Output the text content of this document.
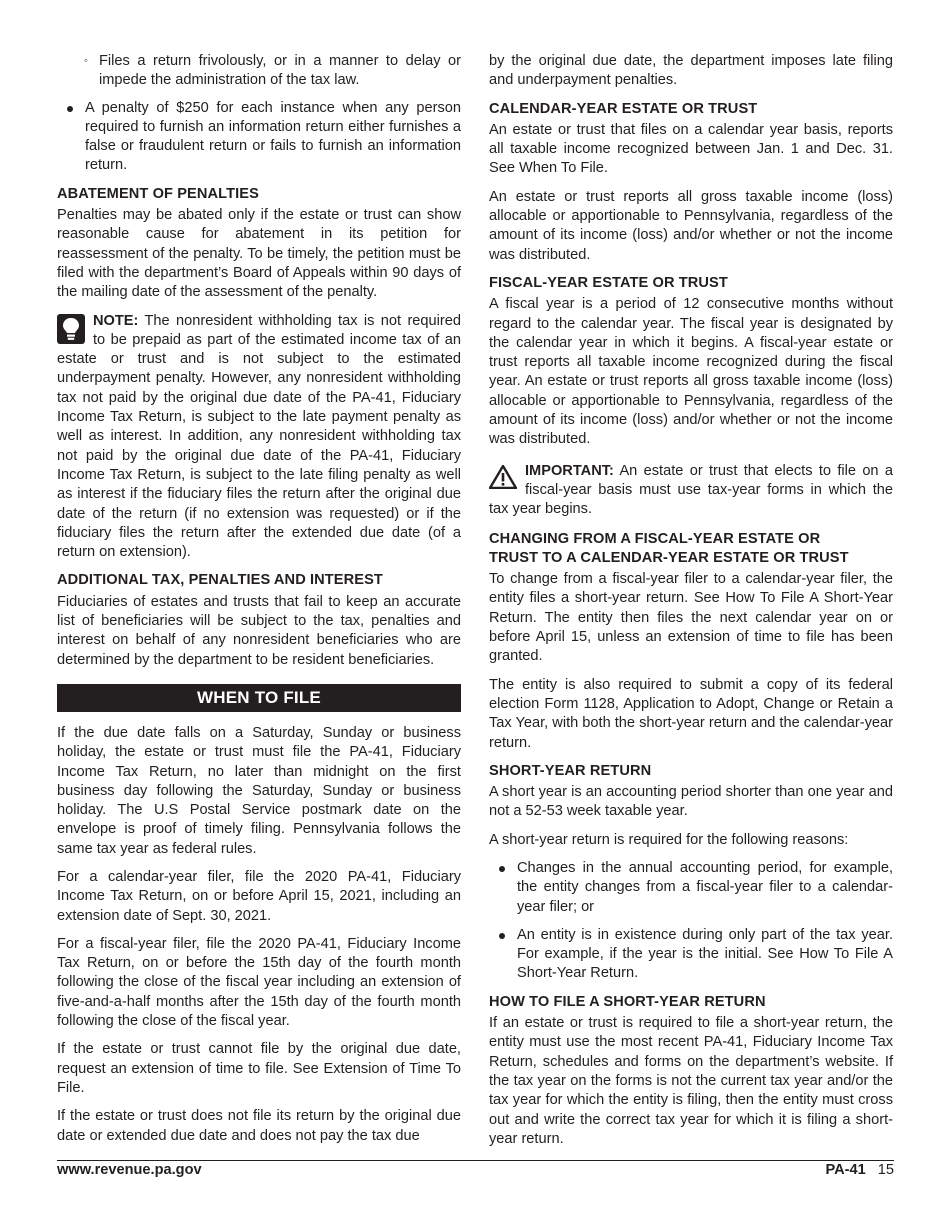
◦ Files a return frivolously, or in a manner to delay or impede the administration of the tax law.
A penalty of $250 for each instance when any person required to furnish an information return either furnishes a false or fraudulent return or fails to furnish an information return.
ABATEMENT OF PENALTIES

Penalties may be abated only if the estate or trust can show reasonable cause for abatement in its petition for reassessment of the penalty. To be timely, the petition must be filed with the department’s Board of Appeals within 90 days of the mailing date of the assessment of the penalty.

NOTE: The nonresident withholding tax is not required to be prepaid as part of the estimated income tax of an estate or trust and is not subject to the estimated underpayment penalty. However, any nonresident withholding tax not paid by the original due date of the PA-41, Fiduciary Income Tax Return, is subject to the late payment penalty as well as interest. In addition, any nonresident withholding tax not paid by the original due date of the PA-41, Fiduciary Income Tax Return, is subject to the late filing penalty as well as interest if the fiduciary files the return after the original due date of the return (if no extension was requested) or if the fiduciary files the return after the extended due date (of a return on extension).
ADDITIONAL TAX, PENALTIES AND INTEREST

Fiduciaries of estates and trusts that fail to keep an accurate list of beneficiaries will be subject to the tax, penalties and interest on behalf of any nonresident beneficiaries who are determined by the department to be resident beneficiaries.

WHEN TO FILE

If the due date falls on a Saturday, Sunday or business holiday, the estate or trust must file the PA-41, Fiduciary Income Tax Return, no later than midnight on the first business day following the Saturday, Sunday or business holiday. The U.S Postal Service postmark date on the envelope is proof of timely filing. Pennsylvania follows the same tax year as federal rules.

For a calendar-year filer, file the 2020 PA-41, Fiduciary Income Tax Return, on or before April 15, 2021, including an extension date of Sept. 30, 2021.

For a fiscal-year filer, file the 2020 PA-41, Fiduciary Income Tax Return, on or before the 15th day of the fourth month following the close of the fiscal year including an extension of five-and-a-half months after the 15th day of the fourth month following the close of the fiscal year.

If the estate or trust cannot file by the original due date, request an extension of time to file. See Extension of Time To File.

If the estate or trust does not file its return by the original due date or extended due date and does not pay the tax due

by the original due date, the department imposes late filing and underpayment penalties.

CALENDAR-YEAR ESTATE OR TRUST

An estate or trust that files on a calendar year basis, reports all taxable income recognized between Jan. 1 and Dec. 31. See When To File.

An estate or trust reports all gross taxable income (loss) allocable or apportionable to Pennsylvania, regardless of the amount of its income (loss) and/or whether or not the income was distributed.

FISCAL-YEAR ESTATE OR TRUST

A fiscal year is a period of 12 consecutive months without regard to the calendar year. The fiscal year is designated by the calendar year in which it begins. A fiscal-year estate or trust reports all taxable income recognized during the fiscal year. An estate or trust reports all gross taxable income (loss) allocable or apportionable to Pennsylvania, regardless of the amount of its income (loss) and/or whether or not the income was distributed.

IMPORTANT: An estate or trust that elects to file on a fiscal-year basis must use tax-year forms in which the tax year begins.
CHANGING FROM A FISCAL-YEAR ESTATE OR
TRUST TO A CALENDAR-YEAR ESTATE OR TRUST

To change from a fiscal-year filer to a calendar-year filer, the entity files a short-year return. See How To File A Short-Year Return. The entity then files the next calendar year on or before April 15, unless an extension of time to file has been granted.

The entity is also required to submit a copy of its federal election Form 1128, Application to Adopt, Change or Retain a Tax Year, with both the short-year return and the calendar-year return.

SHORT-YEAR RETURN

A short year is an accounting period shorter than one year and not a 52-53 week taxable year.

A short-year return is required for the following reasons:

Changes in the annual accounting period, for example, the entity changes from a fiscal-year filer to a calendar-year filer; or
An entity is in existence during only part of the tax year. For example, if the year is the initial. See How To File A Short-Year Return.
HOW TO FILE A SHORT-YEAR RETURN

If an estate or trust is required to file a short-year return, the entity must use the most recent PA-41, Fiduciary Income Tax Return, schedules and forms on the department’s website. If the tax year on the forms is not the current tax year and/or the tax year for which the entity is filing, then the entity must cross out and write the correct tax year for which it is filing a short-year return.

www.revenue.pa.gov	PA-41 15
